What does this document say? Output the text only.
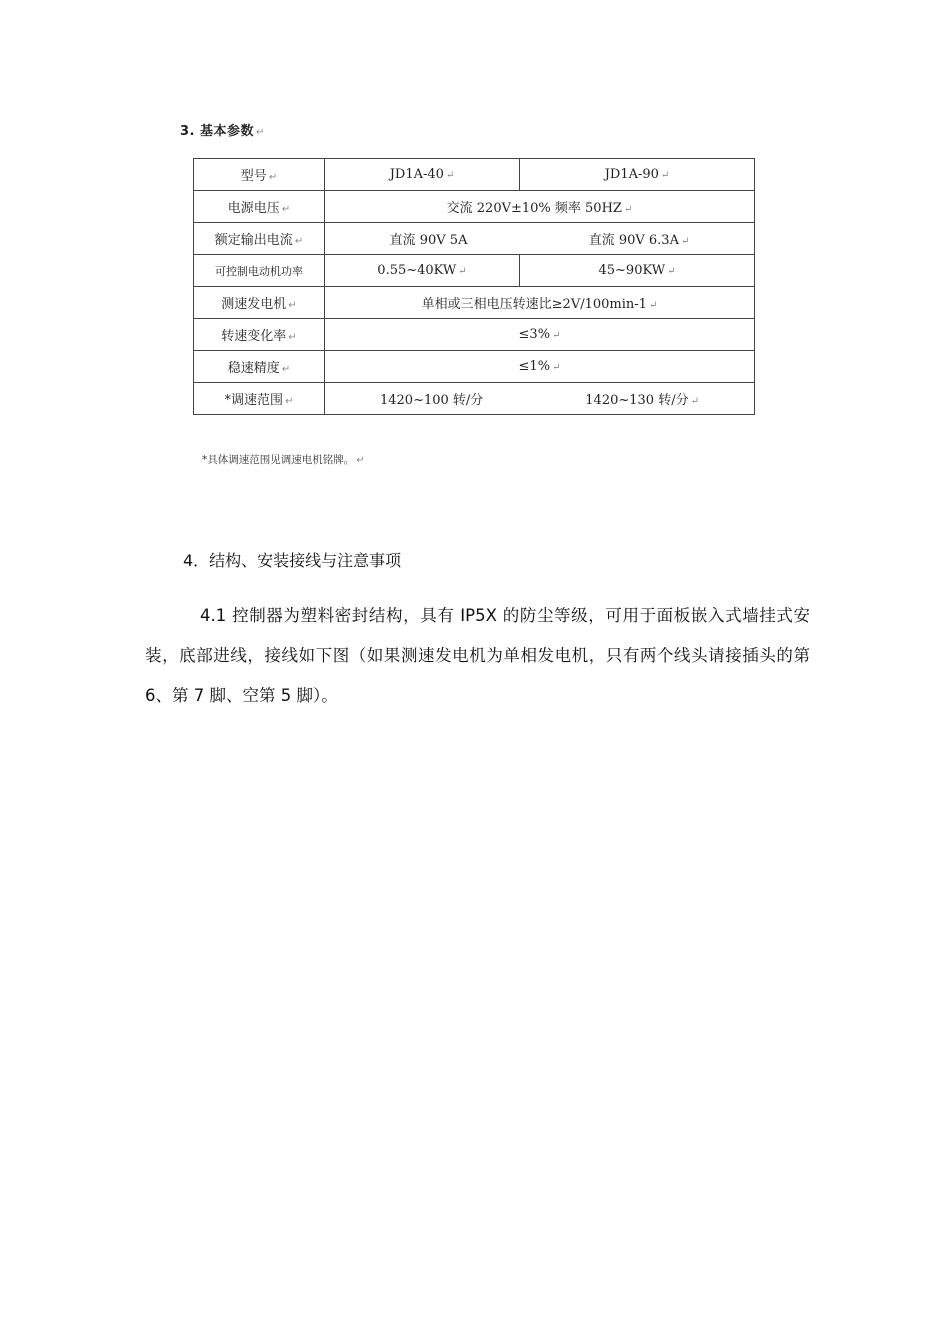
3. 基本参数 ↵
型号 ↵	JD1A-40 ↵	JD1A-90 ↵
电源电压 ↵	交流 220V±10% 频率 50HZ ↵	
额定输出电流 ↵	直流 90V 5A 直流 90V 6.3A ↵	

可控制电动机功率	0.55~40KW ↵	45~90KW ↵
测速发电机 ↵	单相或三相电压转速比≥2V/100min-1 ↵	
转速变化率 ↵	≤3% ↵	
稳速精度 ↵	≤1% ↵	
*调速范围 ↵	1420~100 转/分 1420~130 转/分 ↵	
*具体调速范围见调速电机铭牌。 ↵
4．结构、安装接线与注意事项
4.1 控制器为塑料密封结构，具有 IP5X 的防尘等级，可用于面板嵌入式墙挂式安装，底部进线，接线如下图（如果测速发电机为单相发电机，只有两个线头请接插头的第 6、第 7 脚、空第 5 脚）。
